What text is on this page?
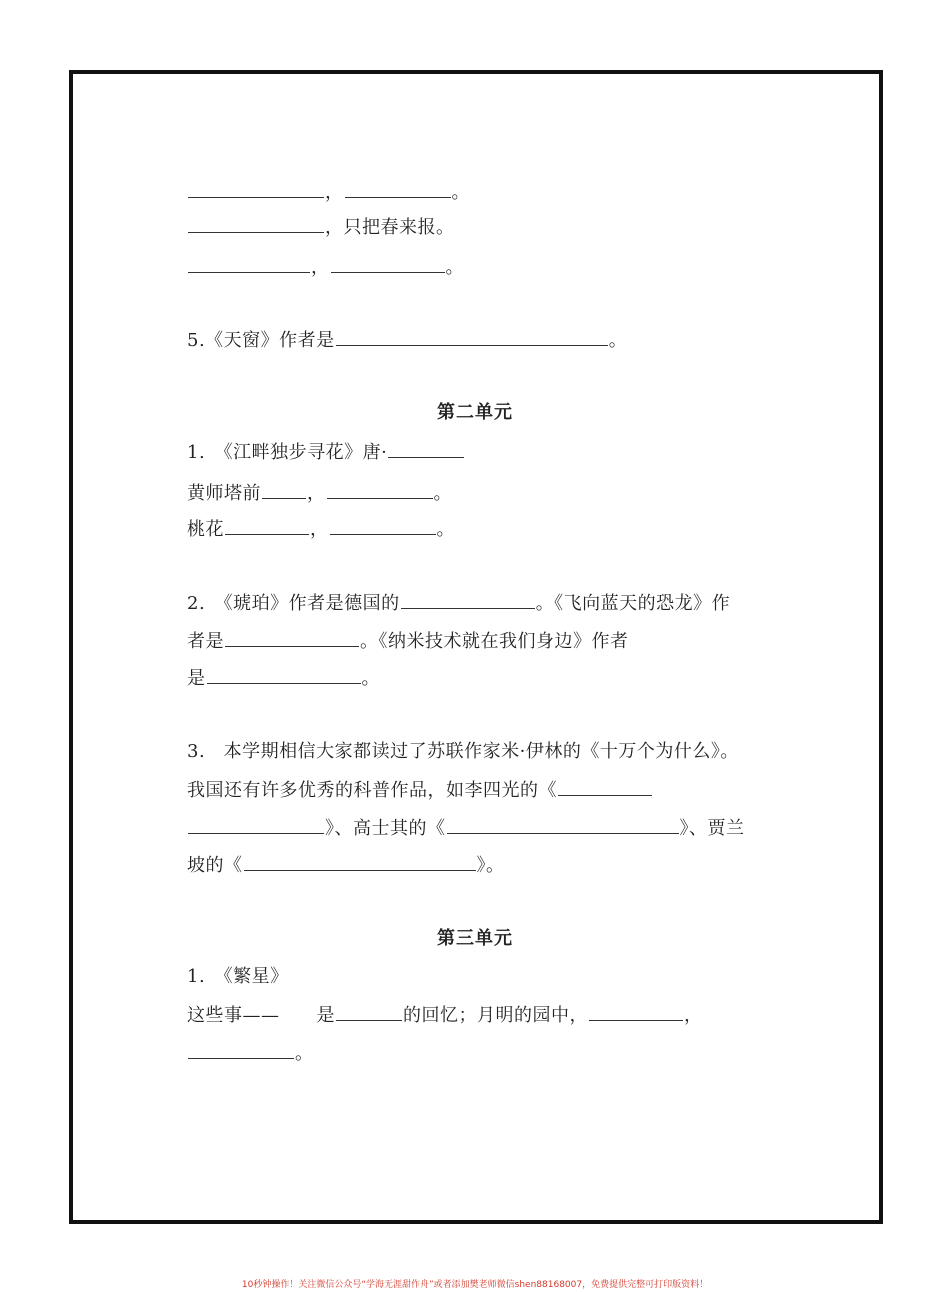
，	。
，只把春来报。
，	。
5.《天窗》作者是	。
第二单元
1.　《江畔独步寻花》唐·
黄师塔前	，	。
桃花	，	。
2.　《琥珀》作者是德国的	。《飞向蓝天的恐龙》作
者是	。《纳米技术就在我们身边》作者
是	。
3.　本学期相信大家都读过了苏联作家米·伊林的《十万个为什么》。
我国还有许多优秀的科普作品，如李四光的《
》、高士其的《	》、贾兰
坡的《	》。
第三单元
1.　《繁星》
这些事——　　是	的回忆；月明的园中，	，
。
10秒钟操作！关注微信公众号“学海无涯甜作舟”或者添加樊老师微信shen88168007，免费提供完整可打印版资料！
